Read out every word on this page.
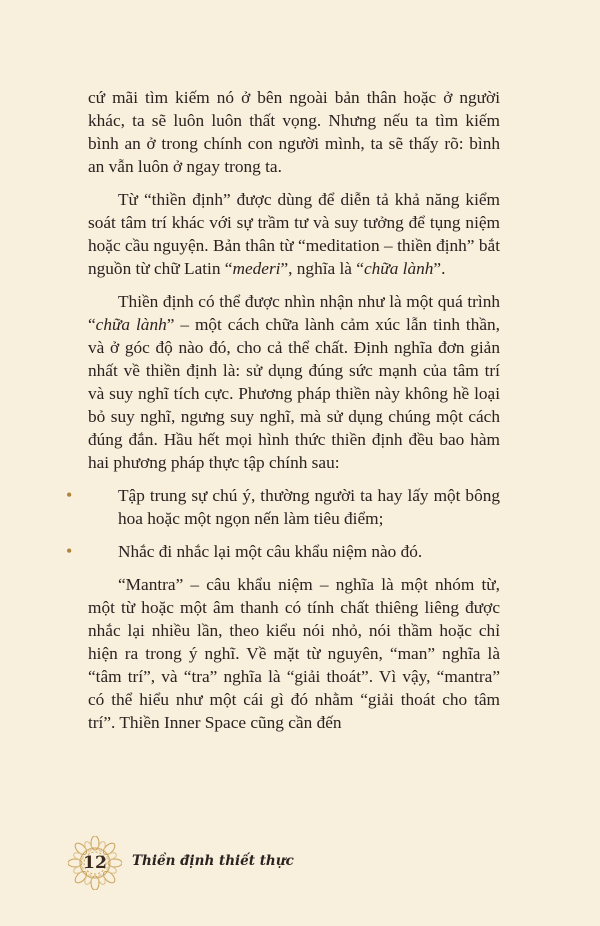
cứ mãi tìm kiếm nó ở bên ngoài bản thân hoặc ở người khác, ta sẽ luôn luôn thất vọng. Nhưng nếu ta tìm kiếm bình an ở trong chính con người mình, ta sẽ thấy rõ: bình an vẫn luôn ở ngay trong ta.

Từ “thiền định” được dùng để diễn tả khả năng kiểm soát tâm trí khác với sự trầm tư và suy tưởng để tụng niệm hoặc cầu nguyện. Bản thân từ “meditation – thiền định” bắt nguồn từ chữ Latin “mederi”, nghĩa là “chữa lành”.

Thiền định có thể được nhìn nhận như là một quá trình “chữa lành” – một cách chữa lành cảm xúc lẫn tinh thần, và ở góc độ nào đó, cho cả thể chất. Định nghĩa đơn giản nhất về thiền định là: sử dụng đúng sức mạnh của tâm trí và suy nghĩ tích cực. Phương pháp thiền này không hề loại bỏ suy nghĩ, ngưng suy nghĩ, mà sử dụng chúng một cách đúng đắn. Hầu hết mọi hình thức thiền định đều bao hàm hai phương pháp thực tập chính sau:

•	Tập trung sự chú ý, thường người ta hay lấy một bông hoa hoặc một ngọn nến làm tiêu điểm;
•	Nhắc đi nhắc lại một câu khẩu niệm nào đó.

“Mantra” – câu khẩu niệm – nghĩa là một nhóm từ, một từ hoặc một âm thanh có tính chất thiêng liêng được nhắc lại nhiều lần, theo kiểu nói nhỏ, nói thầm hoặc chỉ hiện ra trong ý nghĩ. Về mặt từ nguyên, “man” nghĩa là “tâm trí”, và “tra” nghĩa là “giải thoát”. Vì vậy, “mantra” có thể hiểu như một cái gì đó nhằm “giải thoát cho tâm trí”. Thiền Inner Space cũng cần đến

12	Thiền định thiết thực
